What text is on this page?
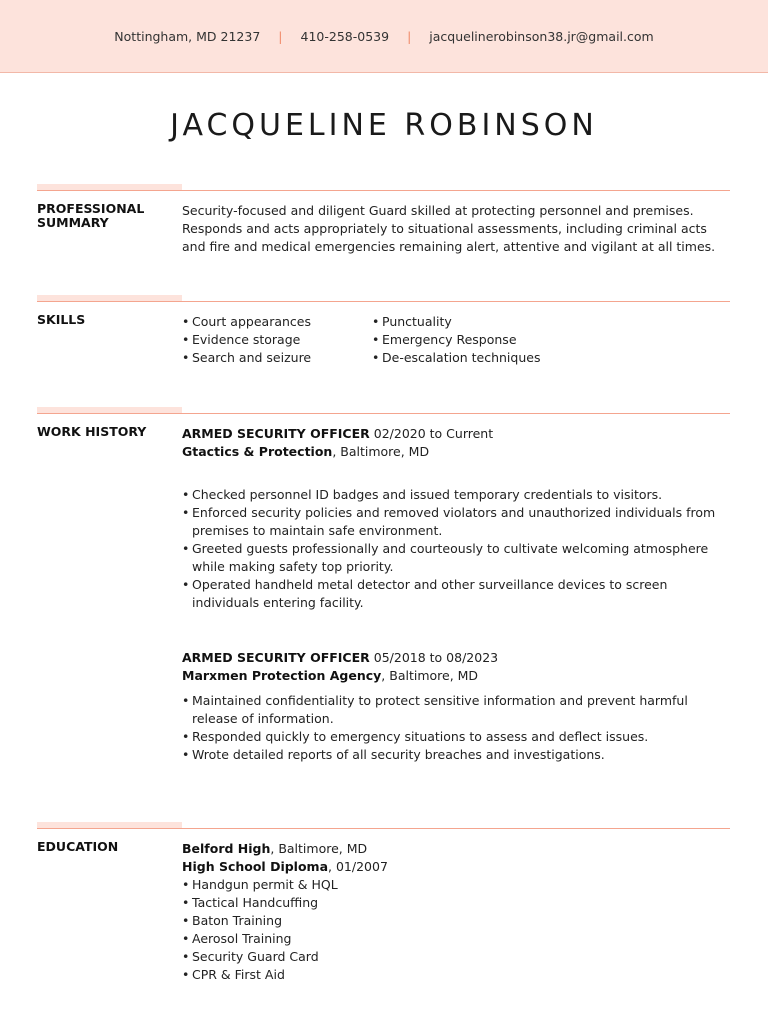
Nottingham, MD 21237 | 410-258-0539 | jacquelinerobinson38.jr@gmail.com
JACQUELINE ROBINSON
PROFESSIONAL SUMMARY

Security-focused and diligent Guard skilled at protecting personnel and premises. Responds and acts appropriately to situational assessments, including criminal acts and fire and medical emergencies remaining alert, attentive and vigilant at all times.

SKILLS
•	Court appearances
• Evidence storage
• Search and seizure
• Punctuality
• Emergency Response
• De-escalation techniques
WORK HISTORY	ARMED SECURITY OFFICER 02/2020 to Current
Gtactics & Protection, Baltimore, MD
• Checked personnel ID badges and issued temporary credentials to visitors.
• Enforced security policies and removed violators and unauthorized individuals from premises to maintain safe environment.
• Greeted guests professionally and courteously to cultivate welcoming atmosphere while making safety top priority.
• Operated handheld metal detector and other surveillance devices to screen individuals entering facility.
ARMED SECURITY OFFICER 05/2018 to 08/2023
Marxmen Protection Agency, Baltimore, MD
• Maintained confidentiality to protect sensitive information and prevent harmful release of information.
• Responded quickly to emergency situations to assess and deflect issues.
• Wrote detailed reports of all security breaches and investigations.
EDUCATION	Belford High, Baltimore, MD
High School Diploma, 01/2007
• Handgun permit & HQL
• Tactical Handcuffing
• Baton Training
• Aerosol Training
• Security Guard Card
• CPR & First Aid
